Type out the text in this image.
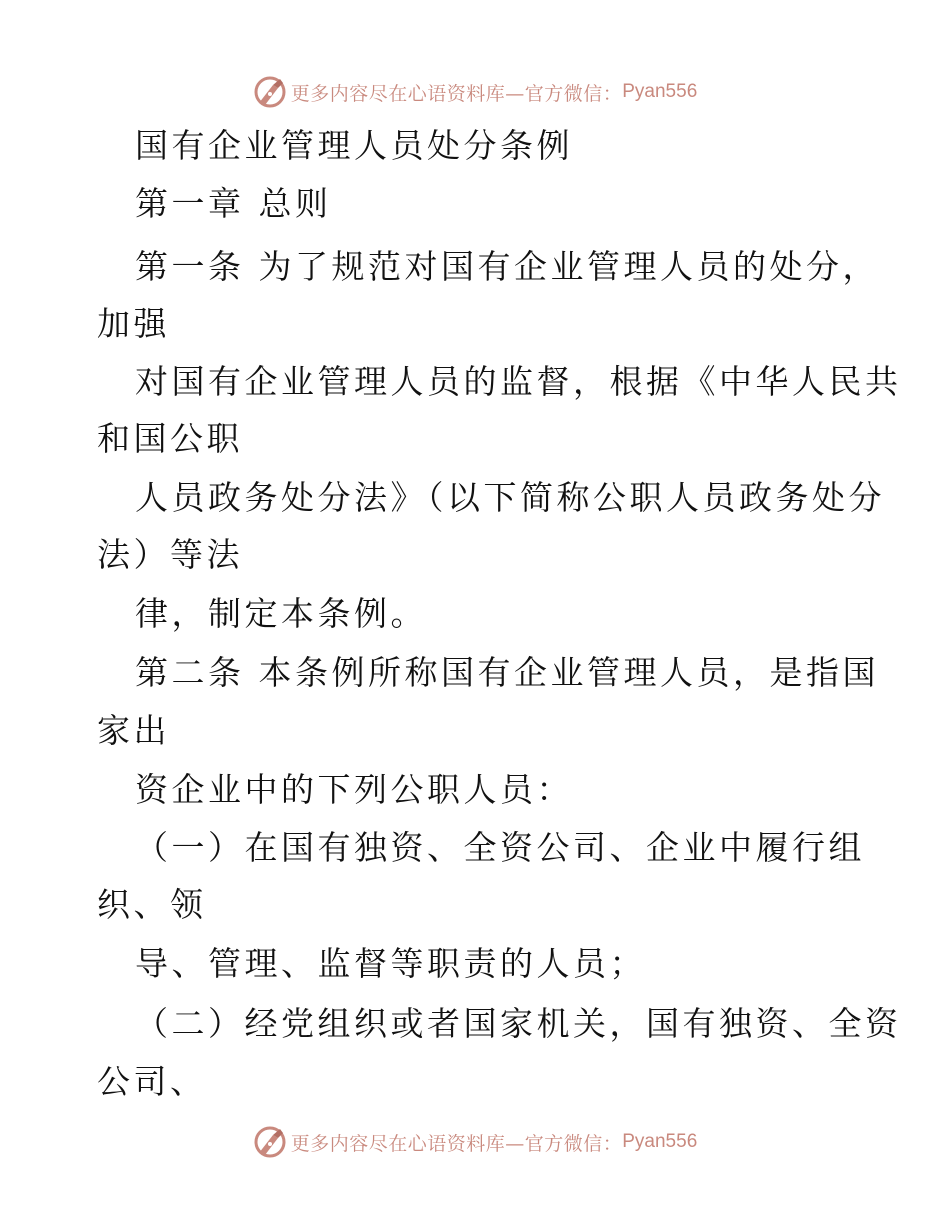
更多内容尽在心语资料库—官方微信： Pyan556
国有企业管理人员处分条例
第一章 总则
第一条 为了规范对国有企业管理人员的处分，
加强
对国有企业管理人员的监督，根据《中华人民共
和国公职
人员政务处分法》（以下简称公职人员政务处分
法）等法
律，制定本条例。
第二条 本条例所称国有企业管理人员，是指国
家出
资企业中的下列公职人员：
（一）在国有独资、全资公司、企业中履行组
织、领
导、管理、监督等职责的人员；
（二）经党组织或者国家机关，国有独资、全资
公司、
更多内容尽在心语资料库—官方微信： Pyan556
